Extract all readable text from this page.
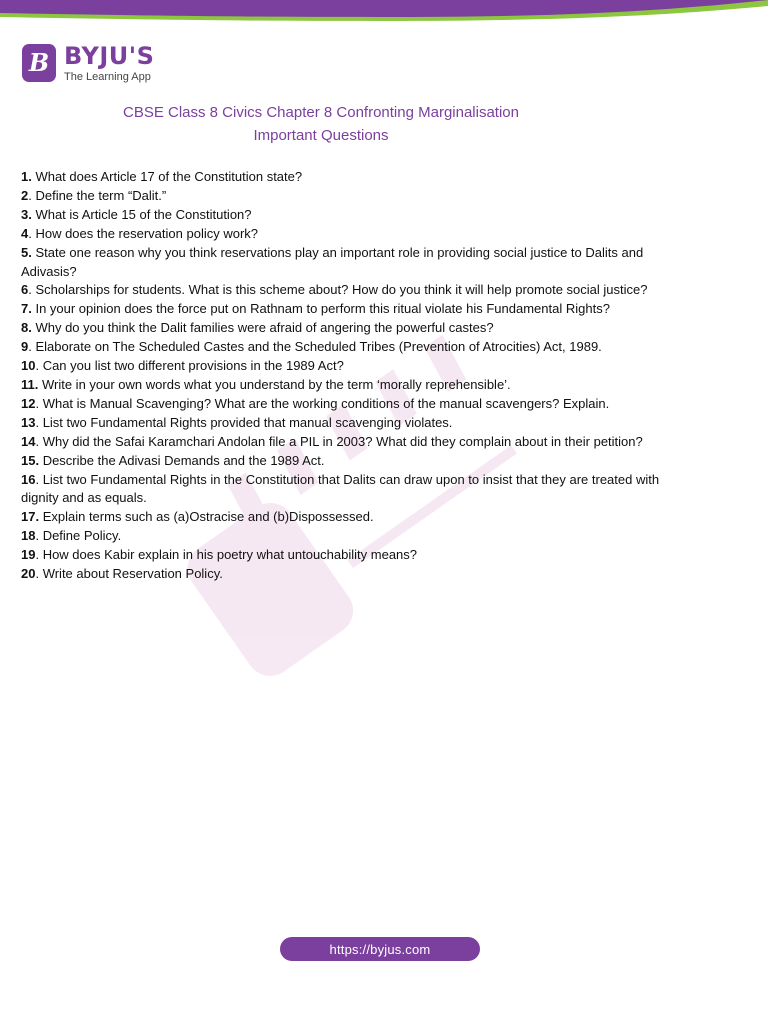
B BYJU'S
The Learning App
CBSE Class 8 Civics Chapter 8 Confronting Marginalisation
Important Questions

1. What does Article 17 of the Constitution state?

2. Define the term “Dalit.”

3. What is Article 15 of the Constitution?

4. How does the reservation policy work?

5. State one reason why you think reservations play an important role in providing social justice to Dalits and Adivasis?

6. Scholarships for students. What is this scheme about? How do you think it will help promote social justice?

7. In your opinion does the force put on Rathnam to perform this ritual violate his Fundamental Rights?

8. Why do you think the Dalit families were afraid of angering the powerful castes?

9. Elaborate on The Scheduled Castes and the Scheduled Tribes (Prevention of Atrocities) Act, 1989.

10. Can you list two different provisions in the 1989 Act?

11. Write in your own words what you understand by the term ‘morally reprehensible’.

12. What is Manual Scavenging? What are the working conditions of the manual scavengers? Explain.

13. List two Fundamental Rights provided that manual scavenging violates.

14. Why did the Safai Karamchari Andolan file a PIL in 2003? What did they complain about in their petition?

15. Describe the Adivasi Demands and the 1989 Act.

16. List two Fundamental Rights in the Constitution that Dalits can draw upon to insist that they are treated with dignity and as equals.

17. Explain terms such as (a)Ostracise and (b)Dispossessed.

18. Define Policy.

19. How does Kabir explain in his poetry what untouchability means?

20. Write about Reservation Policy.

https://byjus.com
